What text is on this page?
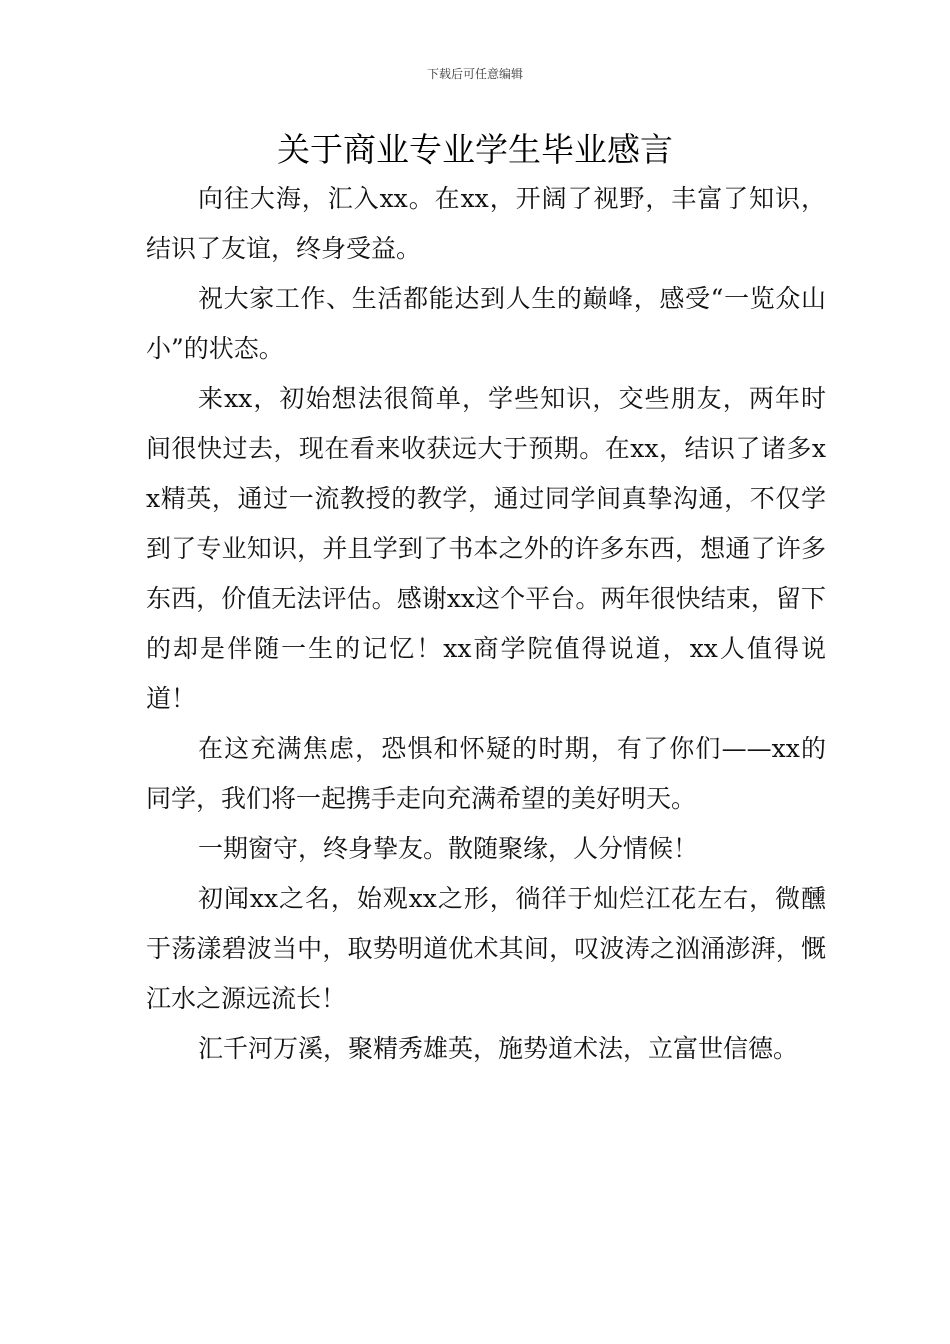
下载后可任意编辑
关于商业专业学生毕业感言

向往大海，汇入xx。在xx，开阔了视野，丰富了知识，结识了友谊，终身受益。

祝大家工作、生活都能达到人生的巅峰，感受“一览众山小”的状态。

来xx，初始想法很简单，学些知识，交些朋友，两年时间很快过去，现在看来收获远大于预期。在xx，结识了诸多xx精英，通过一流教授的教学，通过同学间真挚沟通，不仅学到了专业知识，并且学到了书本之外的许多东西，想通了许多东西，价值无法评估。感谢xx这个平台。两年很快结束，留下的却是伴随一生的记忆！xx商学院值得说道，xx人值得说道！

在这充满焦虑，恐惧和怀疑的时期，有了你们——xx的同学，我们将一起携手走向充满希望的美好明天。

一期窗守，终身挚友。散随聚缘，人分情候！

初闻xx之名，始观xx之形，徜徉于灿烂江花左右，微醺于荡漾碧波当中，取势明道优术其间，叹波涛之汹涌澎湃，慨江水之源远流长！

汇千河万溪，聚精秀雄英，施势道术法，立富世信德。
